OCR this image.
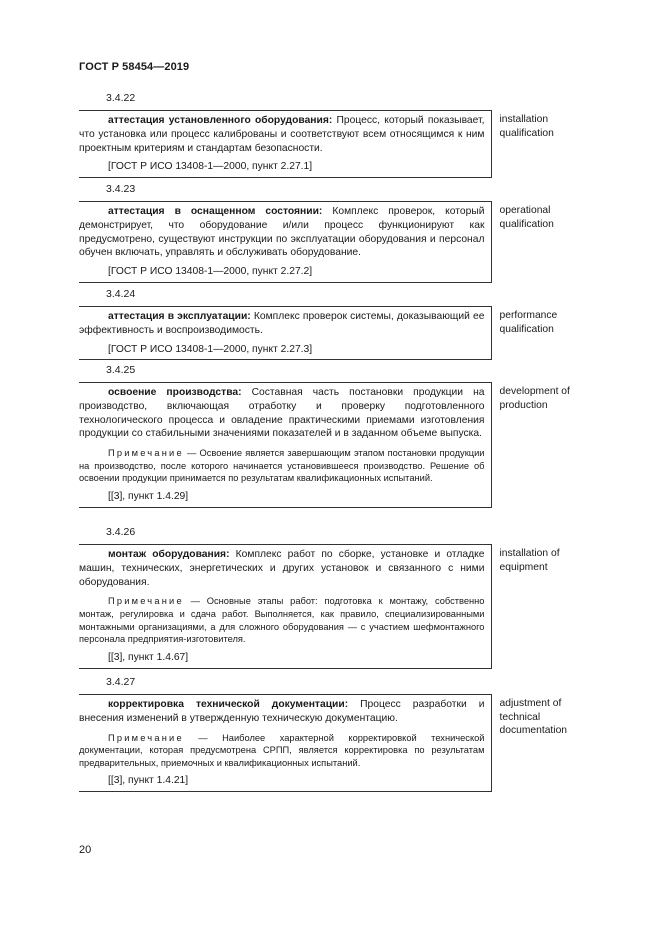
ГОСТ Р 58454—2019
3.4.22

аттестация установленного оборудования: Процесс, который показывает, что установка или процесс калиброваны и соответствуют всем относящимся к ним проектным критериям и стандартам безопасности.

[ГОСТ Р ИСО 13408-1—2000, пункт 2.27.1]
installation qualification
3.4.23

аттестация в оснащенном состоянии: Комплекс проверок, который демонстрирует, что оборудование и/или процесс функционируют как предусмотрено, существуют инструкции по эксплуатации оборудования и персонал обучен включать, управлять и обслуживать оборудование.

[ГОСТ Р ИСО 13408-1—2000, пункт 2.27.2]
operational qualification
3.4.24

аттестация в эксплуатации: Комплекс проверок системы, доказывающий ее эффективность и воспроизводимость.

[ГОСТ Р ИСО 13408-1—2000, пункт 2.27.3]
performance qualification
3.4.25

освоение производства: Составная часть постановки продукции на производство, включающая отработку и проверку подготовленного технологического процесса и овладение практическими приемами изготовления продукции со стабильными значениями показателей и в заданном объеме выпуска.

Примечание — Освоение является завершающим этапом постановки продукции на производство, после которого начинается установившееся производство. Решение об освоении продукции принимается по результатам квалификационных испытаний.
[[3], пункт 1.4.29]
development of production
3.4.26

монтаж оборудования: Комплекс работ по сборке, установке и отладке машин, технических, энергетических и других установок и связанного с ними оборудования.

Примечание — Основные этапы работ: подготовка к монтажу, собственно монтаж, регулировка и сдача работ. Выполняется, как правило, специализированными монтажными организациями, а для сложного оборудования — с участием шефмонтажного персонала предприятия-изготовителя.
[[3], пункт 1.4.67]
installation of equipment
3.4.27

корректировка технической документации: Процесс разработки и внесения изменений в утвержденную техническую документацию.

Примечание — Наиболее характерной корректировкой технической документации, которая предусмотрена СРПП, является корректировка по результатам предварительных, приемочных и квалификационных испытаний.
[[3], пункт 1.4.21]
adjustment of technical documentation
20
